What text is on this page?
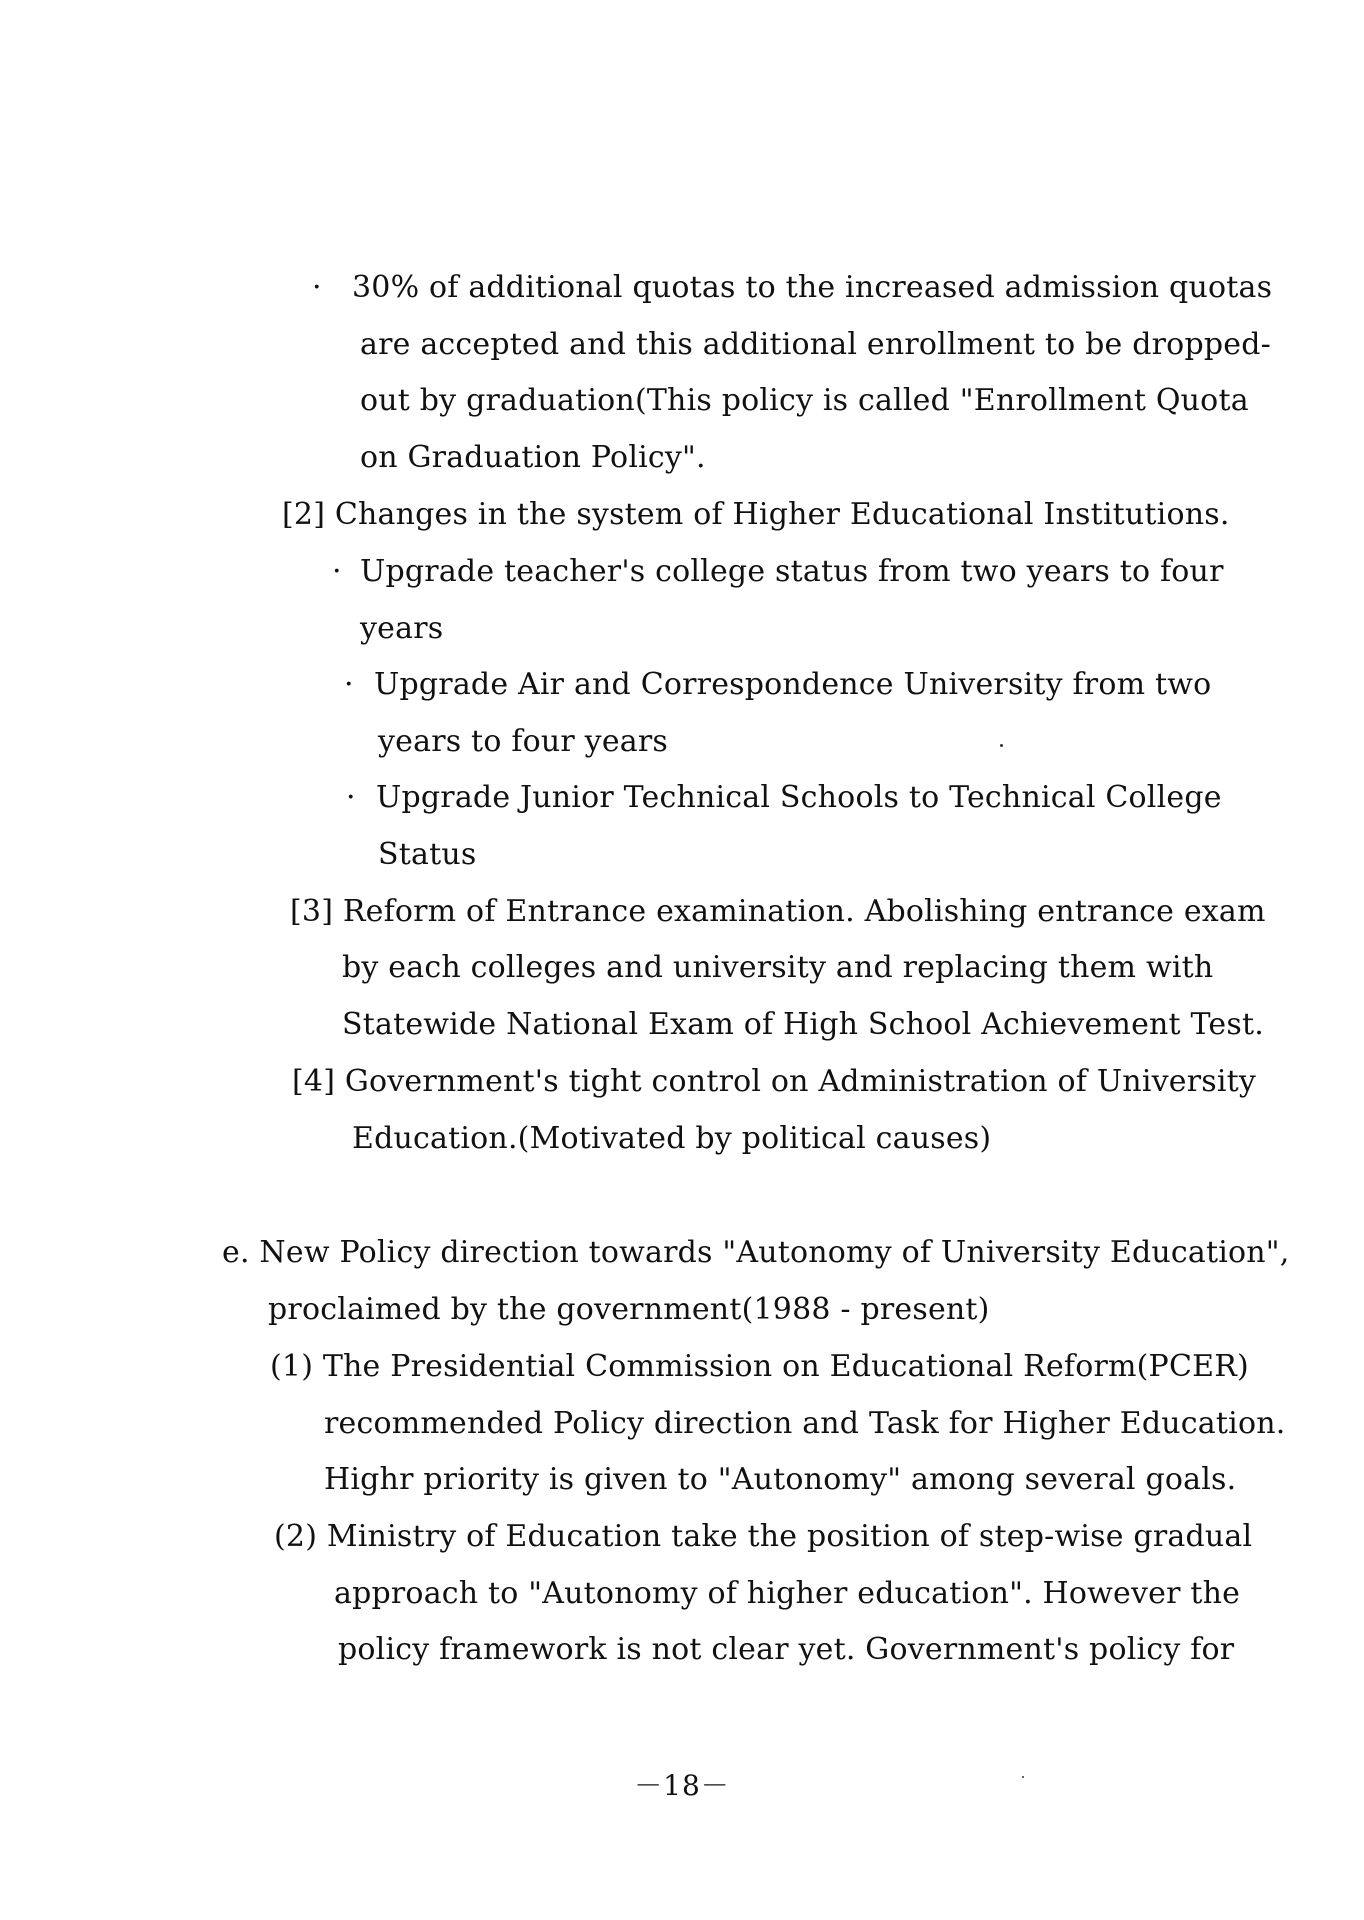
· 30% of additional quotas to the increased admission quotas

are accepted and this additional enrollment to be dropped-

out by graduation(This policy is called "Enrollment Quota

on Graduation Policy".

[2] Changes in the system of Higher Educational Institutions.

· Upgrade teacher's college status from two years to four

years

· Upgrade Air and Correspondence University from two

years to four years

· Upgrade Junior Technical Schools to Technical College

Status

[3] Reform of Entrance examination. Abolishing entrance exam

by each colleges and university and replacing them with

Statewide National Exam of High School Achievement Test.

[4] Government's tight control on Administration of University

Education.(Motivated by political causes)

e. New Policy direction towards "Autonomy of University Education",

proclaimed by the government(1988 - present)

(1) The Presidential Commission on Educational Reform(PCER)

recommended Policy direction and Task for Higher Education.

Highr priority is given to "Autonomy" among several goals.

(2) Ministry of Education take the position of step-wise gradual

approach to "Autonomy of higher education". However the

policy framework is not clear yet. Government's policy for

－18－
